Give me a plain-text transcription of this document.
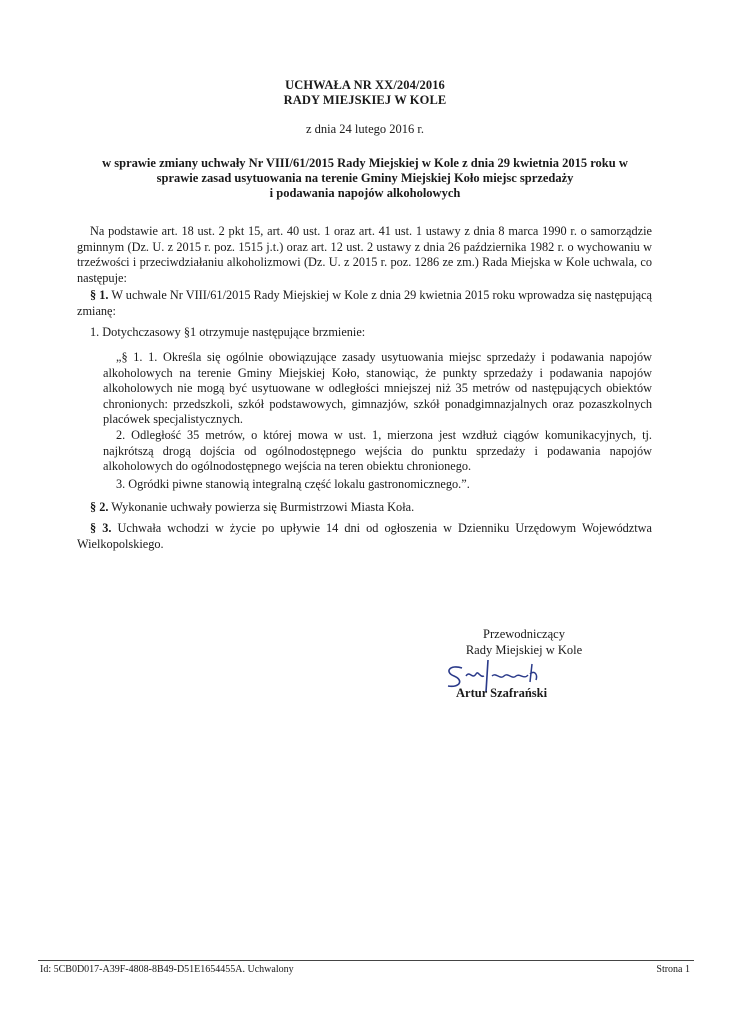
UCHWAŁA NR XX/204/2016
RADY MIEJSKIEJ W KOLE
z dnia 24 lutego 2016 r.
w sprawie zmiany uchwały Nr VIII/61/2015 Rady Miejskiej w Kole z dnia 29 kwietnia 2015 roku w
sprawie zasad usytuowania na terenie Gminy Miejskiej Koło miejsc sprzedaży
i podawania napojów alkoholowych

Na podstawie art. 18 ust. 2 pkt 15, art. 40 ust. 1 oraz art. 41 ust. 1 ustawy z dnia 8 marca 1990 r. o samorządzie gminnym (Dz. U. z 2015 r. poz. 1515 j.t.) oraz art. 12 ust. 2 ustawy z dnia 26 października 1982 r. o wychowaniu w trzeźwości i przeciwdziałaniu alkoholizmowi (Dz. U. z 2015 r. poz. 1286 ze zm.) Rada Miejska w Kole uchwala, co następuje:

§ 1. W uchwale Nr VIII/61/2015 Rady Miejskiej w Kole z dnia 29 kwietnia 2015 roku wprowadza się następującą zmianę:

1. Dotychczasowy §1 otrzymuje następujące brzmienie:

„§ 1. 1. Określa się ogólnie obowiązujące zasady usytuowania miejsc sprzedaży i podawania napojów alkoholowych na terenie Gminy Miejskiej Koło, stanowiąc, że punkty sprzedaży i podawania napojów alkoholowych nie mogą być usytuowane w odległości mniejszej niż 35 metrów od następujących obiektów chronionych: przedszkoli, szkół podstawowych, gimnazjów, szkół ponadgimnazjalnych oraz pozaszkolnych placówek specjalistycznych.

2. Odległość 35 metrów, o której mowa w ust. 1, mierzona jest wzdłuż ciągów komunikacyjnych, tj. najkrótszą drogą dojścia od ogólnodostępnego wejścia do punktu sprzedaży i podawania napojów alkoholowych do ogólnodostępnego wejścia na teren obiektu chronionego.

3. Ogródki piwne stanowią integralną część lokalu gastronomicznego.”.

§ 2. Wykonanie uchwały powierza się Burmistrzowi Miasta Koła.

§ 3. Uchwała wchodzi w życie po upływie 14 dni od ogłoszenia w Dzienniku Urzędowym Województwa Wielkopolskiego.

Przewodniczący
Rady Miejskiej w Kole
Artur Szafrański
Id: 5CB0D017-A39F-4808-8B49-D51E1654455A. Uchwalony	Strona 1
